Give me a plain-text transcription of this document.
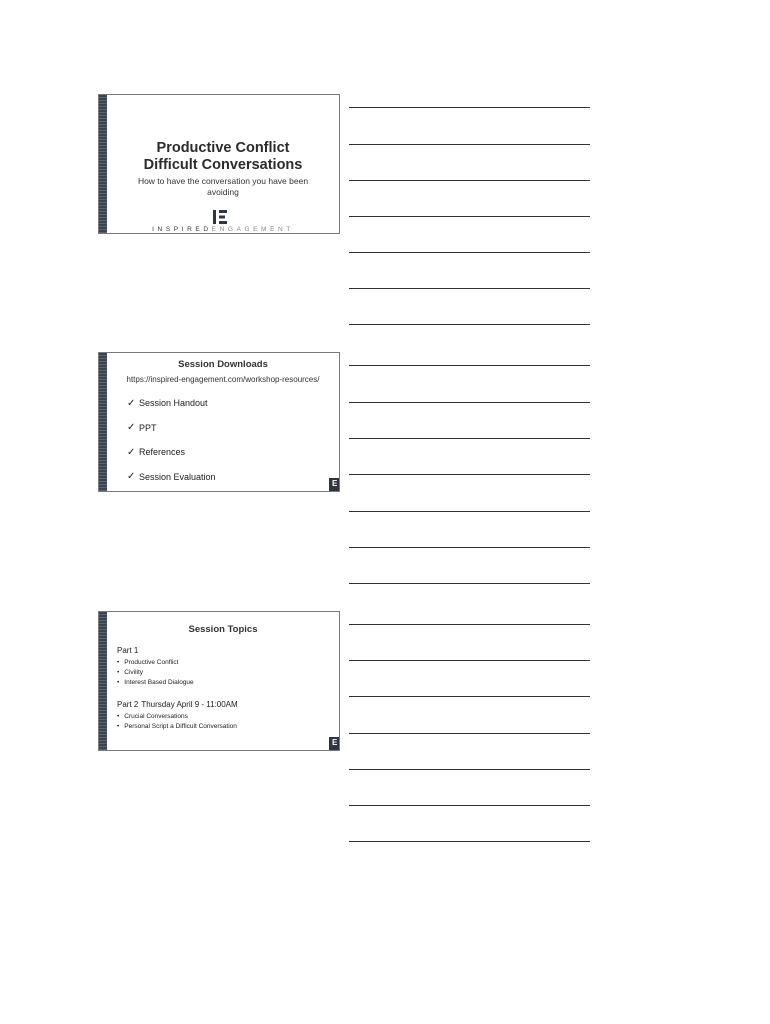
Productive Conflict
Difficult Conversations
How to have the conversation you have been avoiding
INSPIREDENGAGEMENT
Session Downloads
https://inspired-engagement.com/workshop-resources/
✓ Session Handout
✓ PPT
✓ References
✓ Session Evaluation
E
Session Topics
Part 1
• Productive Conflict
• Civility
• Interest Based Dialogue
Part 2 Thursday April 9 - 11:00AM
• Crucial Conversations
• Personal Script a Difficult Conversation
E
